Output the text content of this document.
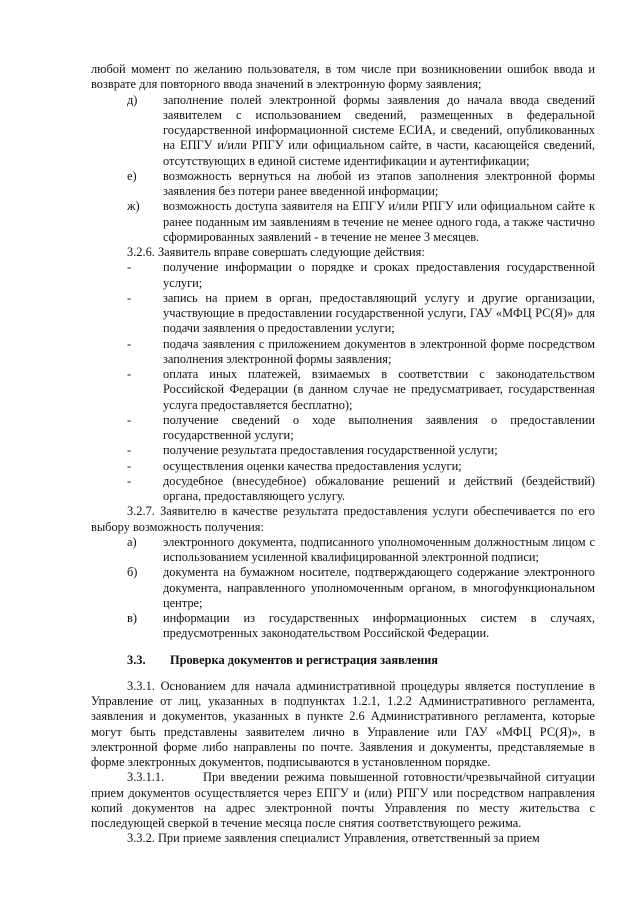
любой момент по желанию пользователя, в том числе при возникновении ошибок ввода и возврате для повторного ввода значений в электронную форму заявления;

д)	заполнение полей электронной формы заявления до начала ввода сведений заявителем с использованием сведений, размещенных в федеральной государственной информационной системе ЕСИА, и сведений, опубликованных на ЕПГУ и/или РПГУ или официальном сайте, в части, касающейся сведений, отсутствующих в единой системе идентификации и аутентификации;
е)	возможность вернуться на любой из этапов заполнения электронной формы заявления без потери ранее введенной информации;
ж)	возможность доступа заявителя на ЕПГУ и/или РПГУ или официальном сайте к ранее поданным им заявлениям в течение не менее одного года, а также частично сформированных заявлений - в течение не менее 3 месяцев.

3.2.6. Заявитель вправе совершать следующие действия:

-	получение информации о порядке и сроках предоставления государственной услуги;
-	запись на прием в орган, предоставляющий услугу и другие организации, участвующие в предоставлении государственной услуги, ГАУ «МФЦ РС(Я)» для подачи заявления о предоставлении услуги;
-	подача заявления с приложением документов в электронной форме посредством заполнения электронной формы заявления;
-	оплата иных платежей, взимаемых в соответствии с законодательством Российской Федерации (в данном случае не предусматривает, государственная услуга предоставляется бесплатно);
-	получение сведений о ходе выполнения заявления о предоставлении государственной услуги;
-	получение результата предоставления государственной услуги;
-	осуществления оценки качества предоставления услуги;
-	досудебное (внесудебное) обжалование решений и действий (бездействий) органа, предоставляющего услугу.

3.2.7. Заявителю в качестве результата предоставления услуги обеспечивается по его выбору возможность получения:

а)	электронного документа, подписанного уполномоченным должностным лицом с использованием усиленной квалифицированной электронной подписи;
б)	документа на бумажном носителе, подтверждающего содержание электронного документа, направленного уполномоченным органом, в многофункциональном центре;
в)	информации из государственных информационных систем в случаях, предусмотренных законодательством Российской Федерации.
3.3.	Проверка документов и регистрация заявления

3.3.1. Основанием для начала административной процедуры является поступление в Управление от лиц, указанных в подпунктах 1.2.1, 1.2.2 Административного регламента, заявления и документов, указанных в пункте 2.6 Административного регламента, которые могут быть представлены заявителем лично в Управление или ГАУ «МФЦ РС(Я)», в электронной форме либо направлены по почте. Заявления и документы, представляемые в форме электронных документов, подписываются в установленном порядке.

3.3.1.1.	При введении режима повышенной готовности/чрезвычайной ситуации прием документов осуществляется через ЕПГУ и (или) РПГУ или посредством направления копий документов на адрес электронной почты Управления по месту жительства с последующей сверкой в течение месяца после снятия соответствующего режима.

3.3.2. При приеме заявления специалист Управления, ответственный за прием
